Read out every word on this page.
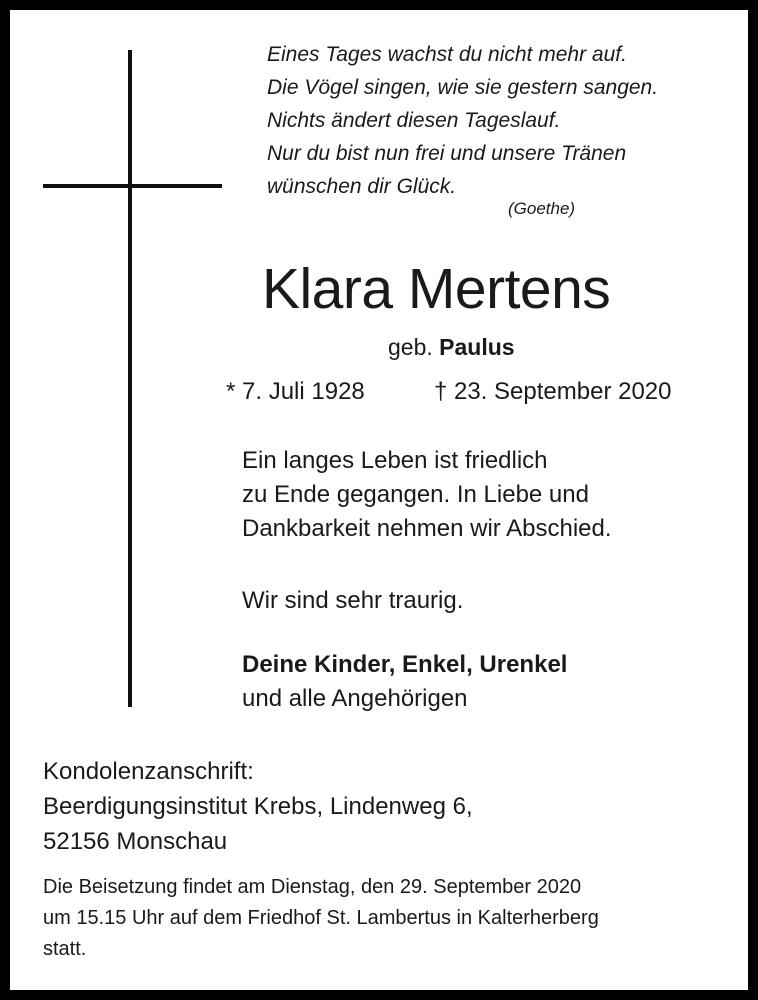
Eines Tages wachst du nicht mehr auf.
Die Vögel singen, wie sie gestern sangen.
Nichts ändert diesen Tageslauf.
Nur du bist nun frei und unsere Tränen
wünschen dir Glück.
(Goethe)
Klara Mertens
geb. Paulus
* 7. Juli 1928	† 23. September 2020
Ein langes Leben ist friedlich
zu Ende gegangen. In Liebe und
Dankbarkeit nehmen wir Abschied.
Wir sind sehr traurig.
Deine Kinder, Enkel, Urenkel
und alle Angehörigen
Kondolenzanschrift:
Beerdigungsinstitut Krebs, Lindenweg 6,
52156 Monschau
Die Beisetzung findet am Dienstag, den 29. September 2020
um 15.15 Uhr auf dem Friedhof St. Lambertus in Kalterherberg
statt.
